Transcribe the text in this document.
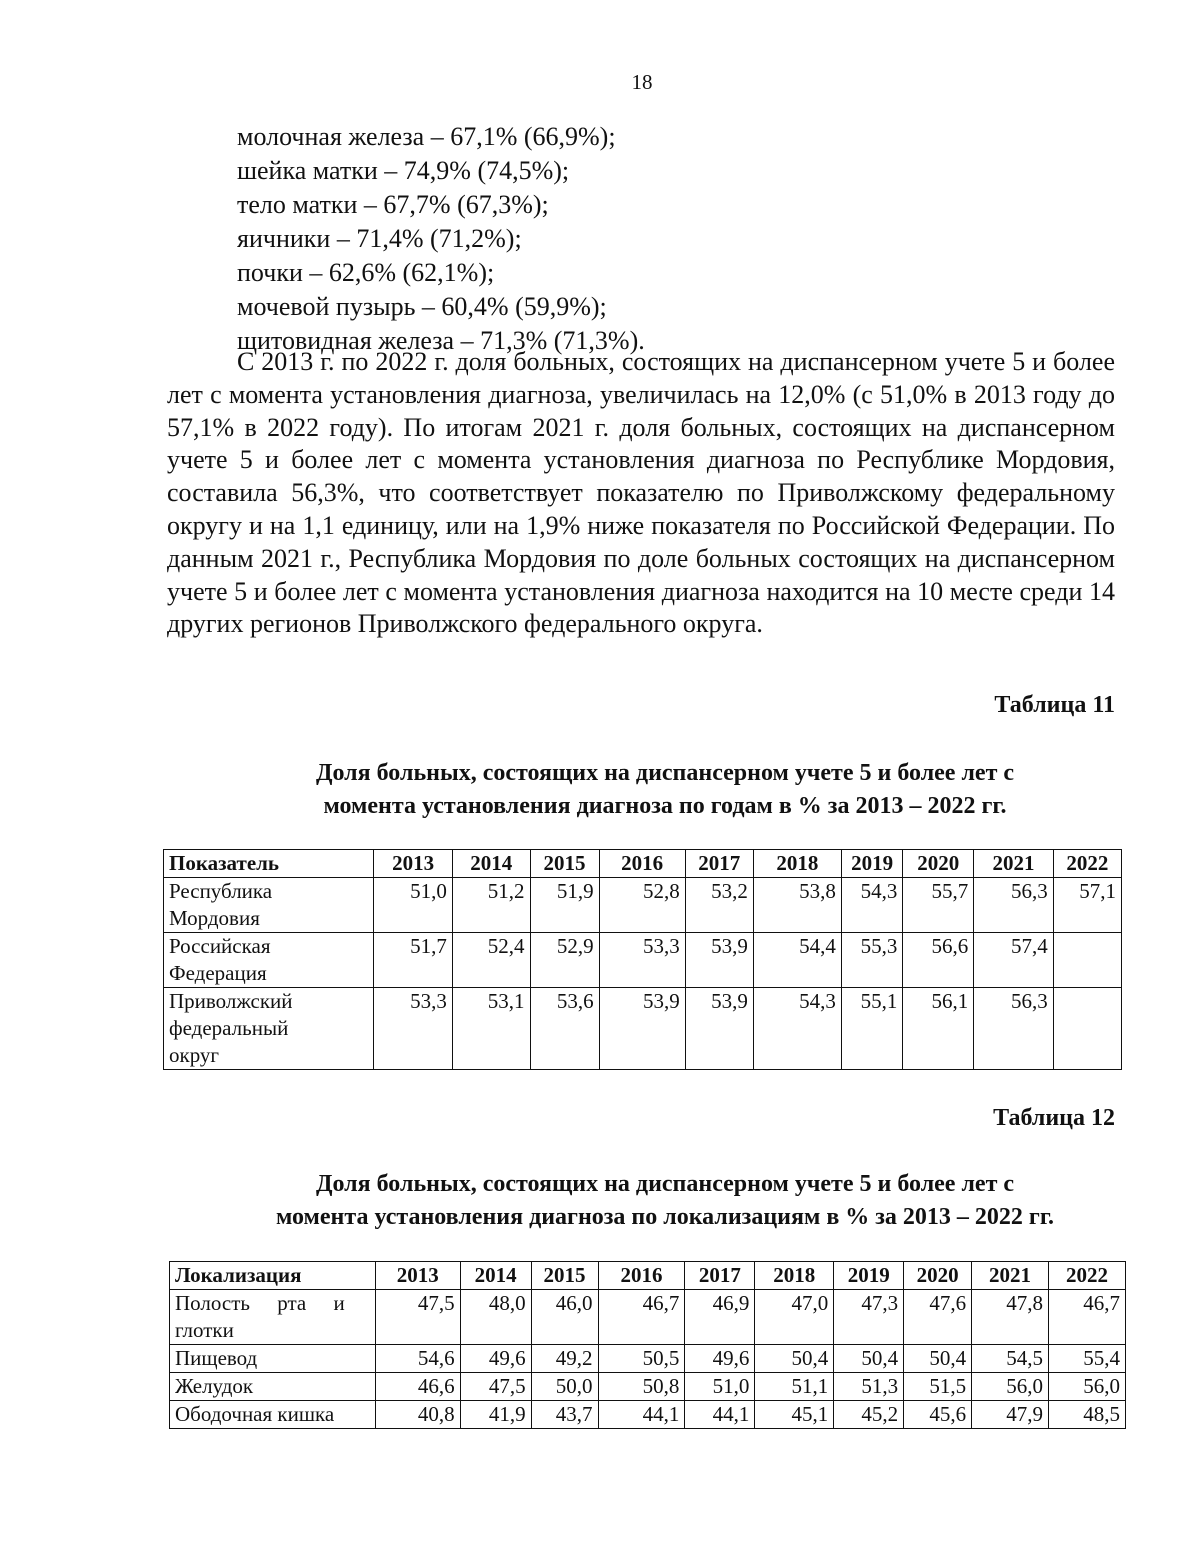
18
молочная железа – 67,1% (66,9%);
шейка матки – 74,9% (74,5%);
тело матки – 67,7% (67,3%);
яичники – 71,4% (71,2%);
почки – 62,6% (62,1%);
мочевой пузырь – 60,4% (59,9%);
щитовидная железа – 71,3% (71,3%).

С 2013 г. по 2022 г. доля больных, состоящих на диспансерном учете 5 и более лет с момента установления диагноза, увеличилась на 12,0% (с 51,0% в 2013 году до 57,1% в 2022 году). По итогам 2021 г. доля больных, состоящих на диспансерном учете 5 и более лет с момента установления диагноза по Республике Мордовия, составила 56,3%, что соответствует показателю по Приволжскому федеральному округу и на 1,1 единицу, или на 1,9% ниже показателя по Российской Федерации. По данным 2021 г., Республика Мордовия по доле больных состоящих на диспансерном учете 5 и более лет с момента установления диагноза находится на 10 месте среди 14 других регионов Приволжского федерального округа.

Таблица 11
Доля больных, состоящих на диспансерном учете 5 и более лет с
момента установления диагноза по годам в % за 2013 – 2022 гг.
Показатель	2013	2014	2015	2016	2017	2018	2019	2020	2021	2022
Республика Мордовия	51,0	51,2	51,9	52,8	53,2	53,8	54,3	55,7	56,3	57,1
Российская Федерация	51,7	52,4	52,9	53,3	53,9	54,4	55,3	56,6	57,4	
Приволжский федеральный округ	53,3	53,1	53,6	53,9	53,9	54,3	55,1	56,1	56,3	
Таблица 12
Доля больных, состоящих на диспансерном учете 5 и более лет с
момента установления диагноза по локализациям в % за 2013 – 2022 гг.
Локализация	2013	2014	2015	2016	2017	2018	2019	2020	2021	2022
Полость рта и глотки	47,5	48,0	46,0	46,7	46,9	47,0	47,3	47,6	47,8	46,7
Пищевод	54,6	49,6	49,2	50,5	49,6	50,4	50,4	50,4	54,5	55,4
Желудок	46,6	47,5	50,0	50,8	51,0	51,1	51,3	51,5	56,0	56,0
Ободочная кишка	40,8	41,9	43,7	44,1	44,1	45,1	45,2	45,6	47,9	48,5
